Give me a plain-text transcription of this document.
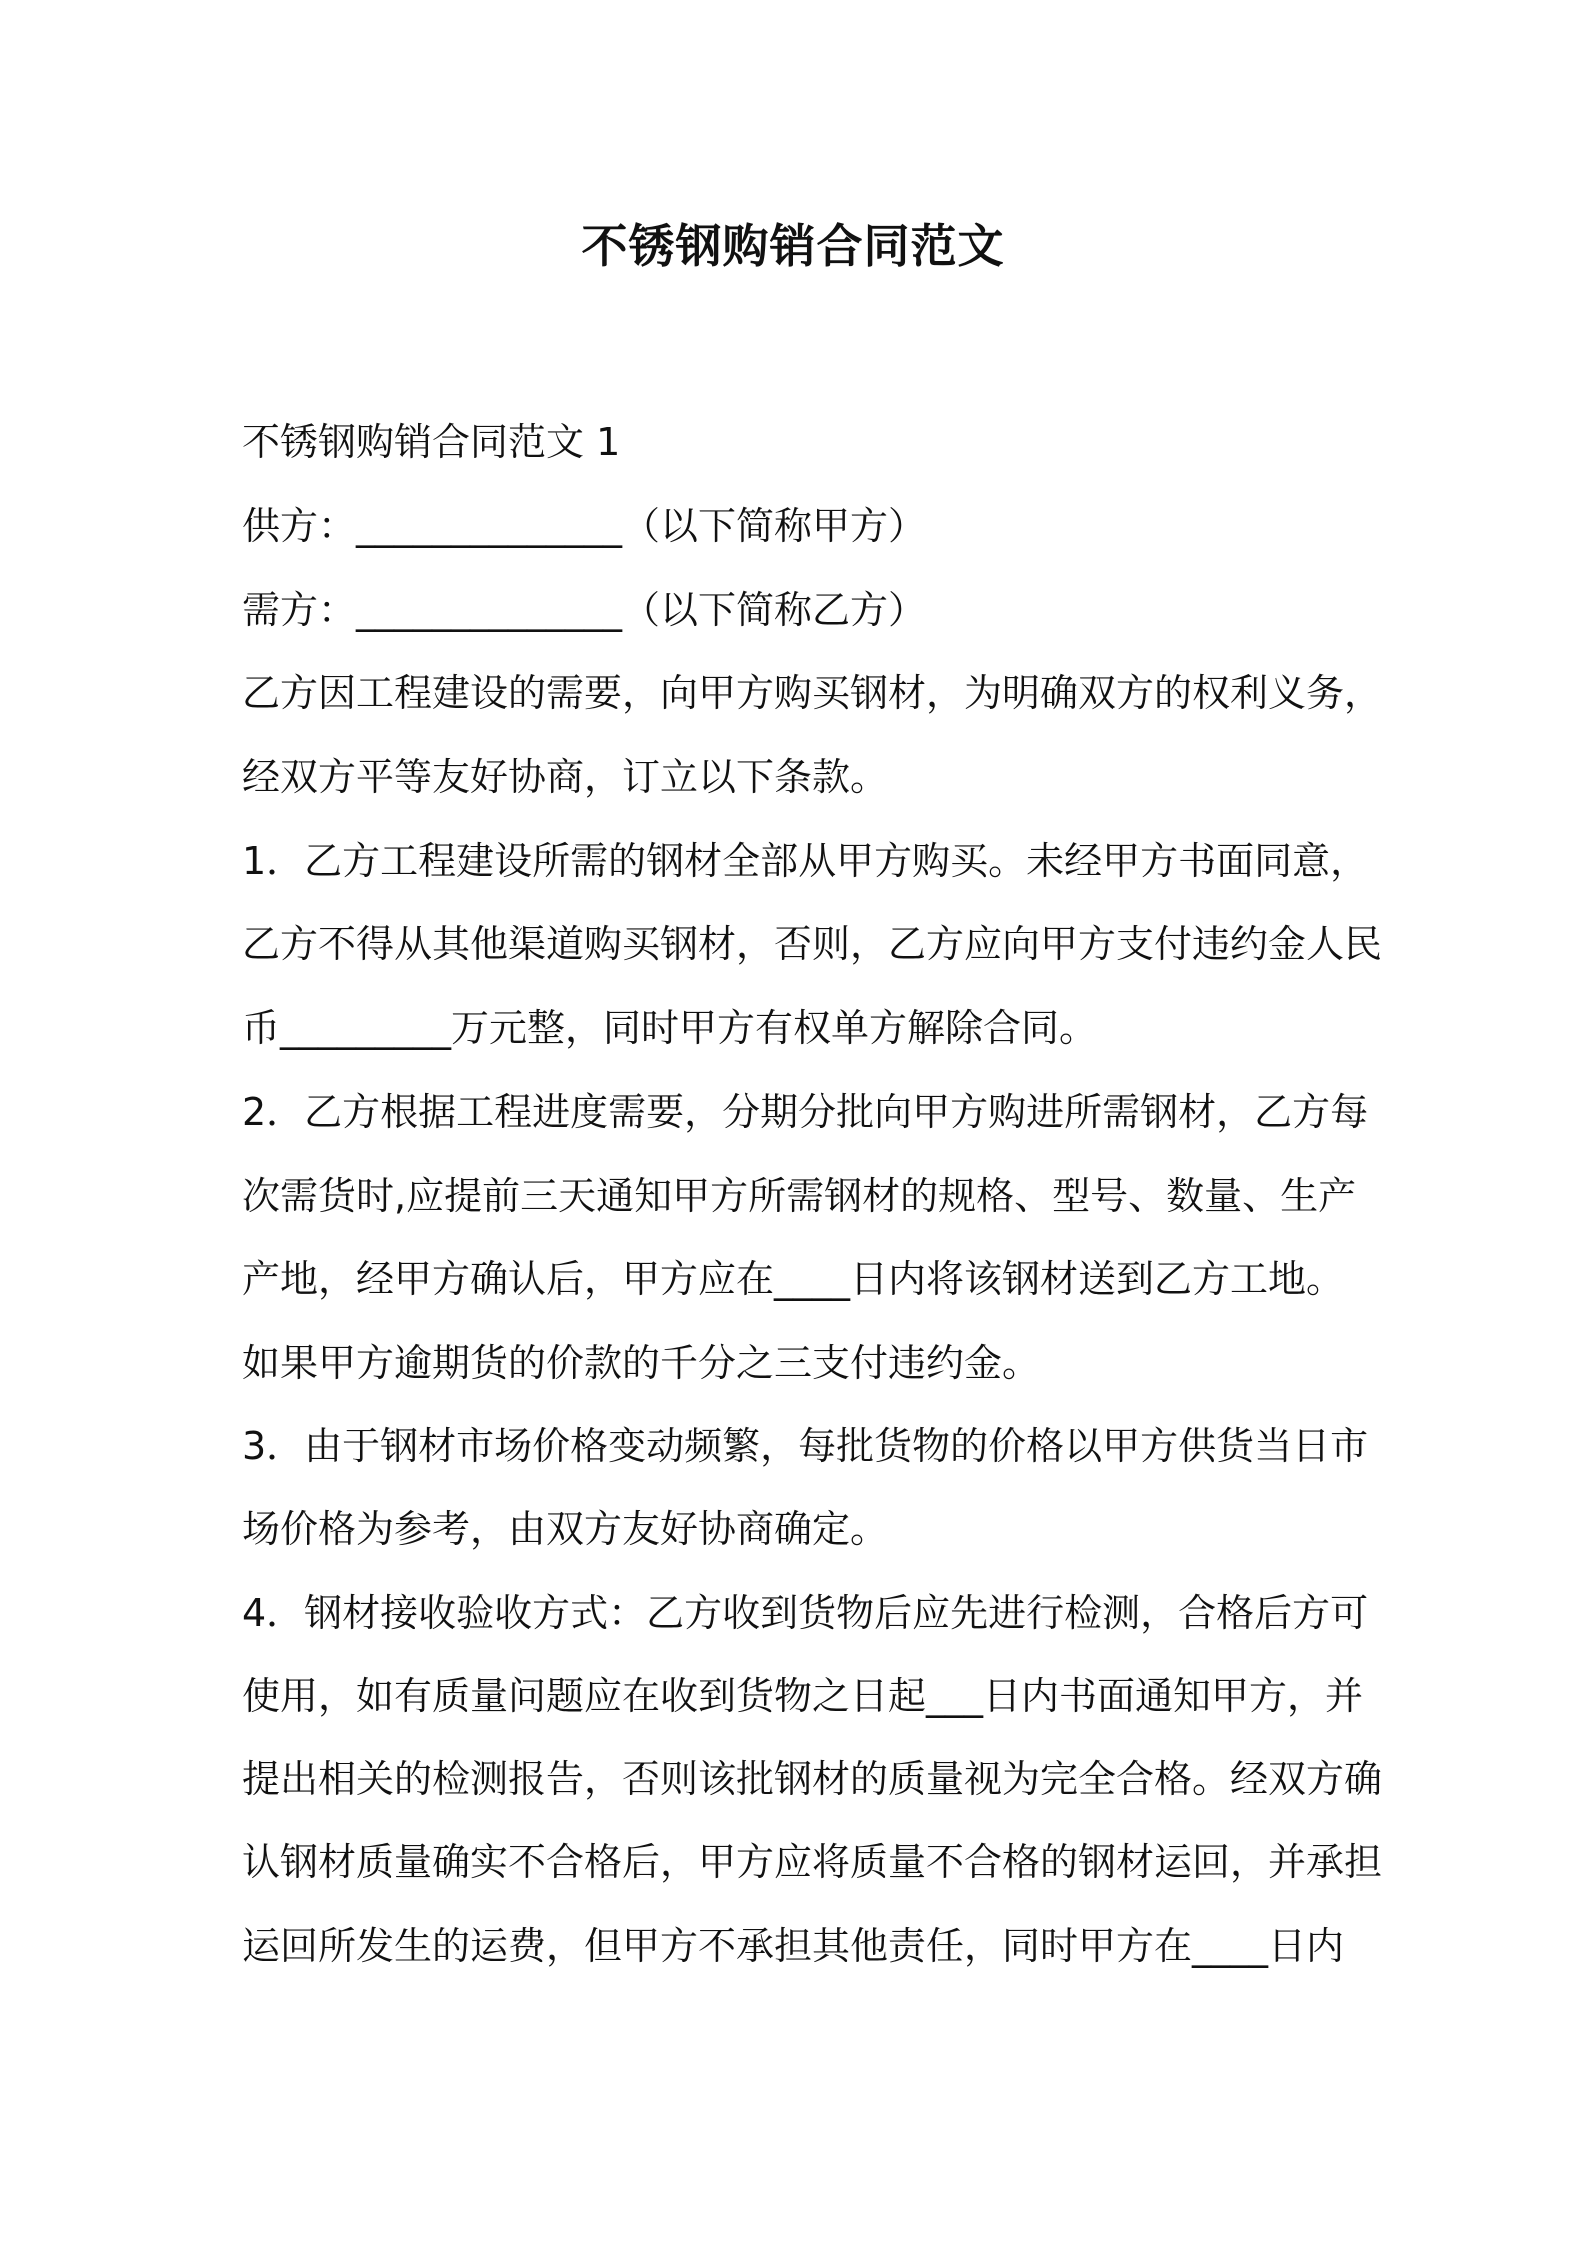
不锈钢购销合同范文
不锈钢购销合同范文 1
供方：______________（以下简称甲方）
需方：______________（以下简称乙方）
乙方因工程建设的需要，向甲方购买钢材，为明确双方的权利义务，
经双方平等友好协商，订立以下条款。
1．乙方工程建设所需的钢材全部从甲方购买。未经甲方书面同意，
乙方不得从其他渠道购买钢材，否则，乙方应向甲方支付违约金人民
币_________万元整，同时甲方有权单方解除合同。
2．乙方根据工程进度需要，分期分批向甲方购进所需钢材，乙方每
次需货时,应提前三天通知甲方所需钢材的规格、型号、数量、生产
产地，经甲方确认后，甲方应在____日内将该钢材送到乙方工地。
如果甲方逾期货的价款的千分之三支付违约金。
3．由于钢材市场价格变动频繁，每批货物的价格以甲方供货当日市
场价格为参考，由双方友好协商确定。
4．钢材接收验收方式：乙方收到货物后应先进行检测，合格后方可
使用，如有质量问题应在收到货物之日起___日内书面通知甲方，并
提出相关的检测报告，否则该批钢材的质量视为完全合格。经双方确
认钢材质量确实不合格后，甲方应将质量不合格的钢材运回，并承担
运回所发生的运费，但甲方不承担其他责任，同时甲方在____日内
